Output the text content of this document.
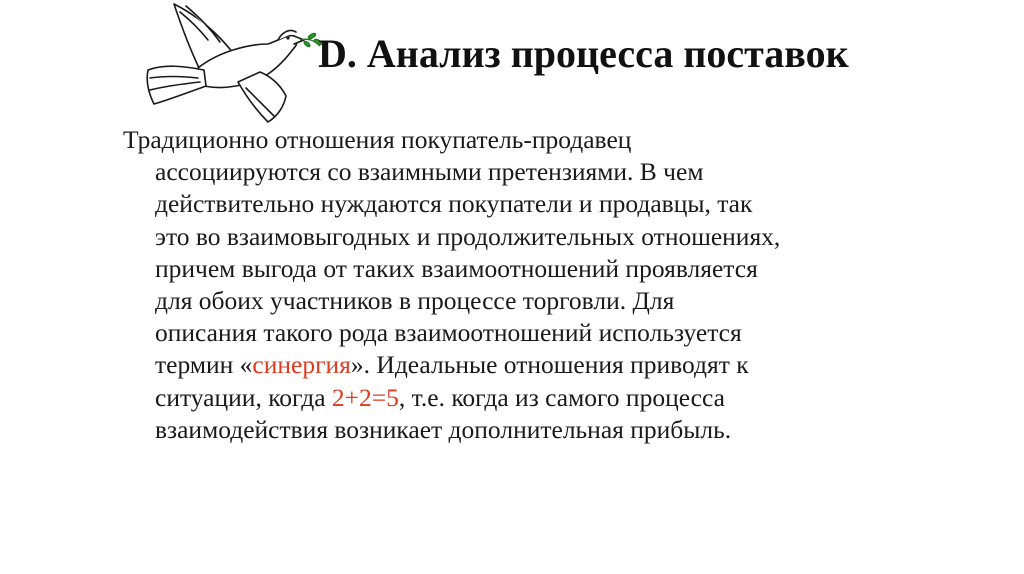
D. Анализ процесса поставок

Традиционно отношения покупатель-продавец
ассоциируются со взаимными претензиями. В чем
действительно нуждаются покупатели и продавцы, так
это во взаимовыгодных и продолжительных отношениях,
причем выгода от таких взаимоотношений проявляется
для обоих участников в процессе торговли. Для
описания такого рода взаимоотношений используется
термин «синергия». Идеальные отношения приводят к
ситуации, когда 2+2=5, т.е. когда из самого процесса
взаимодействия возникает дополнительная прибыль.
